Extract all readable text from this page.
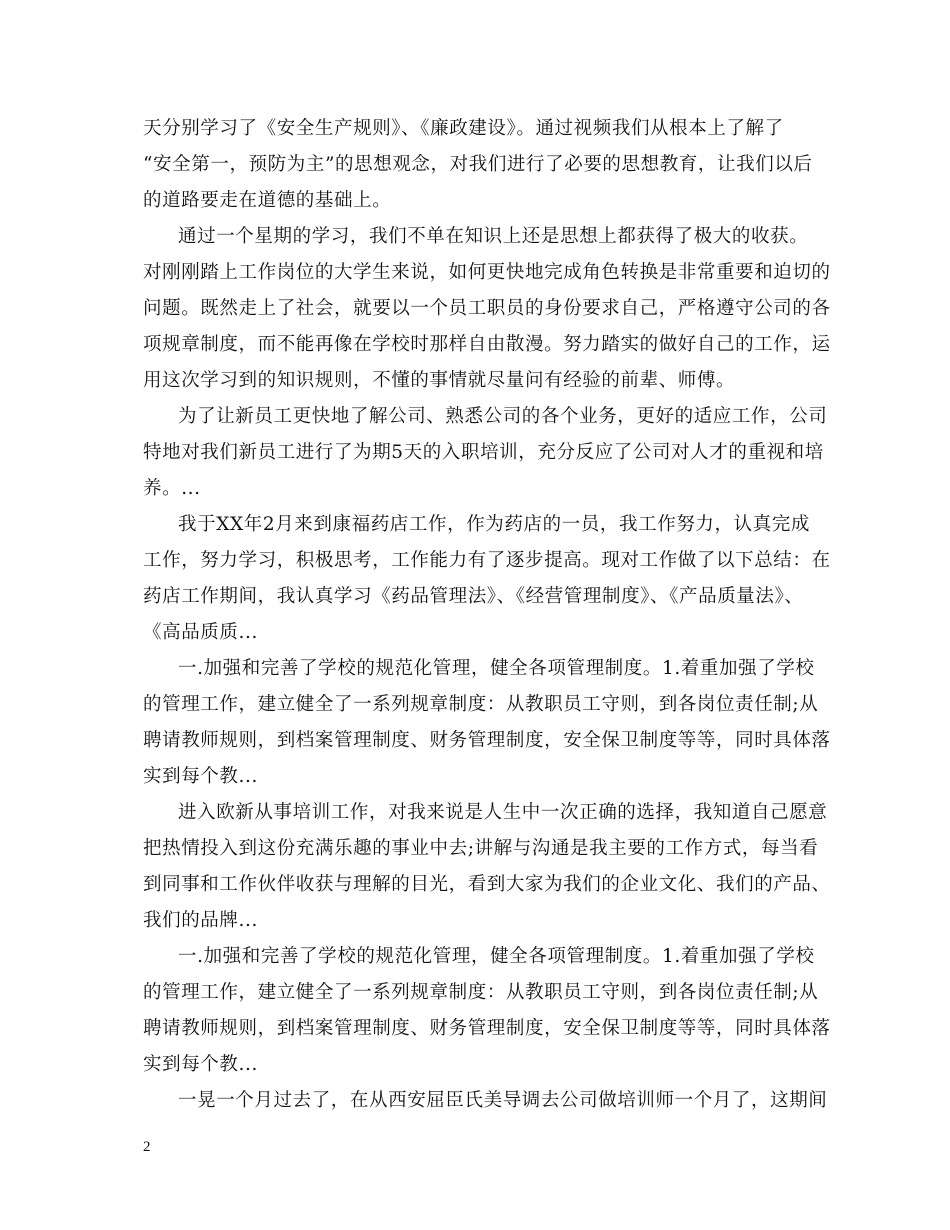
天分别学习了《安全生产规则》、《廉政建设》。通过视频我们从根本上了解了
“安全第一，预防为主”的思想观念，对我们进行了必要的思想教育，让我们以后
的道路要走在道德的基础上。
通过一个星期的学习，我们不单在知识上还是思想上都获得了极大的收获。
对刚刚踏上工作岗位的大学生来说，如何更快地完成角色转换是非常重要和迫切的
问题。既然走上了社会，就要以一个员工职员的身份要求自己，严格遵守公司的各
项规章制度，而不能再像在学校时那样自由散漫。努力踏实的做好自己的工作，运
用这次学习到的知识规则，不懂的事情就尽量问有经验的前辈、师傅。
为了让新员工更快地了解公司、熟悉公司的各个业务，更好的适应工作，公司
特地对我们新员工进行了为期5天的入职培训，充分反应了公司对人才的重视和培
养。...
我于XX年2月来到康福药店工作，作为药店的一员，我工作努力，认真完成
工作，努力学习，积极思考，工作能力有了逐步提高。现对工作做了以下总结：在
药店工作期间，我认真学习《药品管理法》、《经营管理制度》、《产品质量法》、
《高品质质...
一.加强和完善了学校的规范化管理，健全各项管理制度。1.着重加强了学校
的管理工作，建立健全了一系列规章制度：从教职员工守则，到各岗位责任制;从
聘请教师规则，到档案管理制度、财务管理制度，安全保卫制度等等，同时具体落
实到每个教...
进入欧新从事培训工作，对我来说是人生中一次正确的选择，我知道自己愿意
把热情投入到这份充满乐趣的事业中去;讲解与沟通是我主要的工作方式，每当看
到同事和工作伙伴收获与理解的目光，看到大家为我们的企业文化、我们的产品、
我们的品牌...
一.加强和完善了学校的规范化管理，健全各项管理制度。1.着重加强了学校
的管理工作，建立健全了一系列规章制度：从教职员工守则，到各岗位责任制;从
聘请教师规则，到档案管理制度、财务管理制度，安全保卫制度等等，同时具体落
实到每个教...
一晃一个月过去了，在从西安屈臣氏美导调去公司做培训师一个月了，这期间
2
